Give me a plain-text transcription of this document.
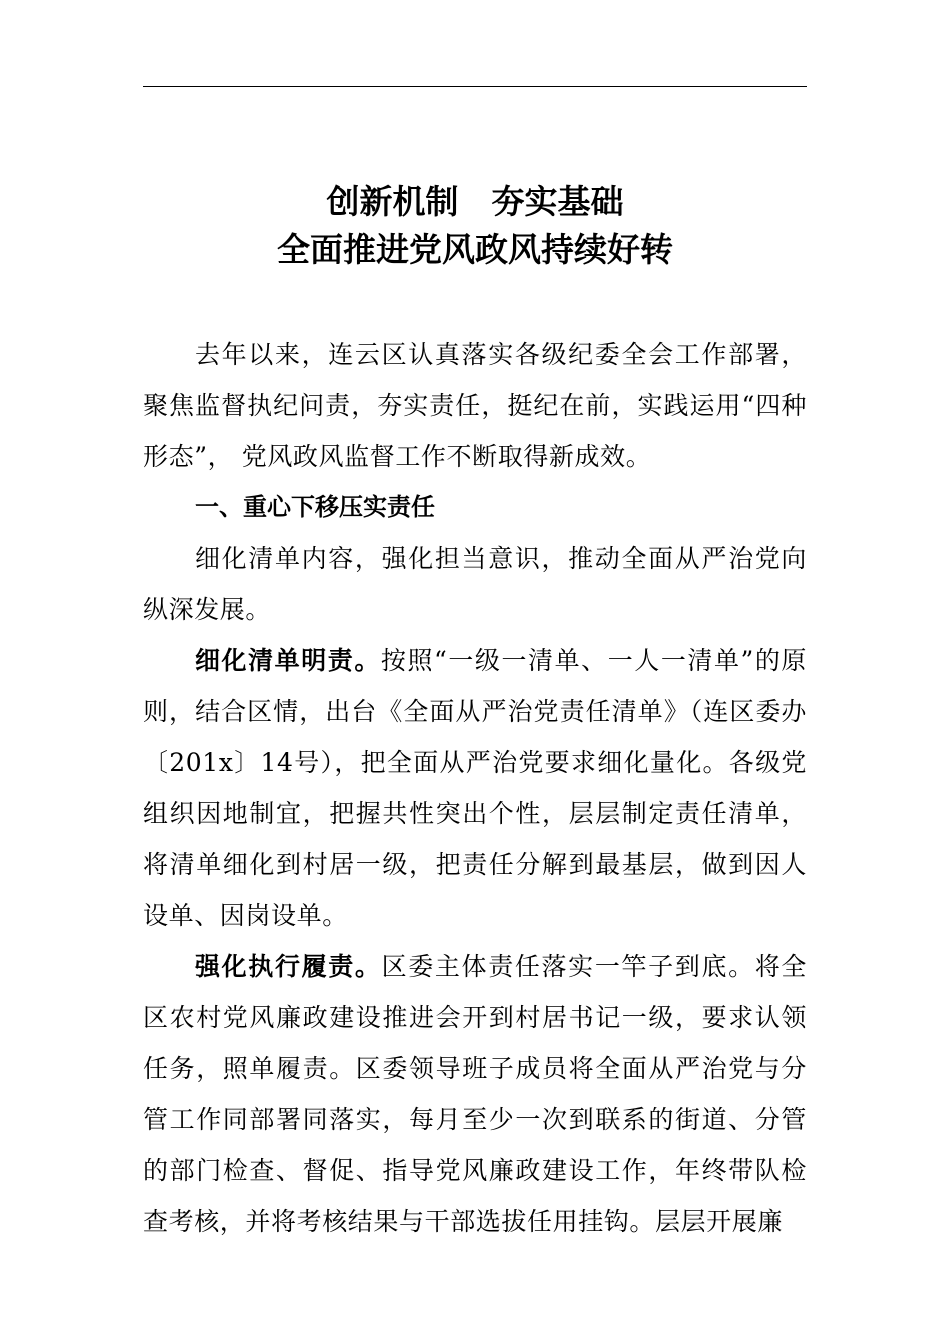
创新机制　夯实基础
全面推进党风政风持续好转

去年以来，连云区认真落实各级纪委全会工作部署，聚焦监督执纪问责，夯实责任，挺纪在前，实践运用“四种形态”， 党风政风监督工作不断取得新成效。

一、重心下移压实责任

细化清单内容，强化担当意识，推动全面从严治党向纵深发展。

细化清单明责。按照“一级一清单、一人一清单”的原则，结合区情，出台《全面从严治党责任清单》（连区委办〔201x〕14号），把全面从严治党要求细化量化。各级党组织因地制宜，把握共性突出个性，层层制定责任清单，将清单细化到村居一级，把责任分解到最基层，做到因人设单、因岗设单。

强化执行履责。区委主体责任落实一竿子到底。将全区农村党风廉政建设推进会开到村居书记一级，要求认领任务，照单履责。区委领导班子成员将全面从严治党与分管工作同部署同落实，每月至少一次到联系的街道、分管的部门检查、督促、指导党风廉政建设工作，年终带队检查考核，并将考核结果与干部选拔任用挂钩。层层开展廉
